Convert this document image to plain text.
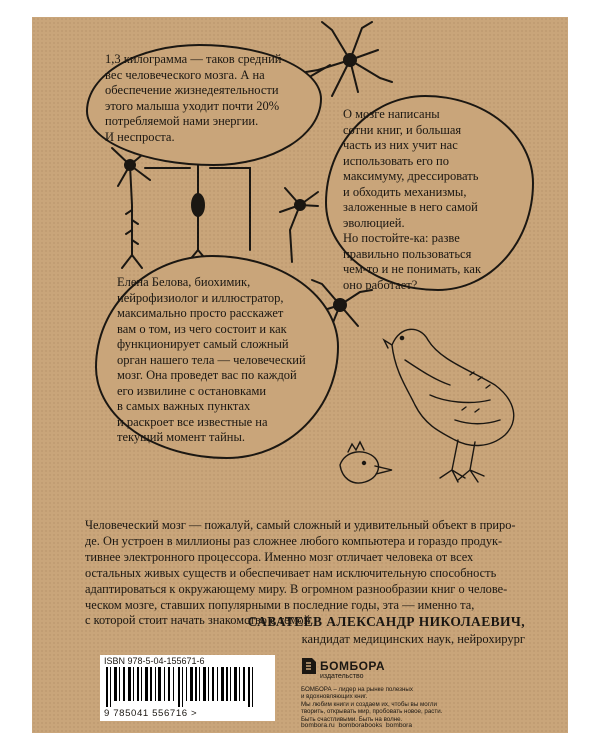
1,3 килограмма — таков средний
вес человеческого мозга. А на
обеспечение жизнедеятельности
этого малыша уходит почти 20%
потребляемой нами энергии.
И неспроста.
О мозге написаны
сотни книг, и большая
часть из них учит нас
использовать его по
максимуму, дрессировать
и обходить механизмы,
заложенные в него самой
эволюцией.
Но постойте-ка: разве
правильно пользоваться
чем-то и не понимать, как
оно работает?
Елена Белова, биохимик,
нейрофизиолог и иллюстратор,
максимально просто расскажет
вам о том, из чего состоит и как
функционирует самый сложный
орган нашего тела — человеческий
мозг. Она проведет вас по каждой
его извилине с остановками
в самых важных пунктах
и раскроет все известные на
текущий момент тайны.
Человеческий мозг — пожалуй, самый сложный и удивительный объект в приро-
де. Он устроен в миллионы раз сложнее любого компьютера и гораздо продук-
тивнее электронного процессора. Именно мозг отличает человека от всех
остальных живых существ и обеспечивает нам исключительную способность
адаптироваться к окружающему миру. В огромном разнообразии книг о челове-
ческом мозге, ставших популярными в последние годы, эта — именно та,
с которой стоит начать знакомство с темой.
САВАТЕЕВ АЛЕКСАНДР НИКОЛАЕВИЧ,
кандидат медицинских наук, нейрохирург
ISBN 978-5-04-155671-6
9 785041 556716 >
БОМБОРА
издательство
БОМБОРА – лидер на рынке полезных
и вдохновляющих книг.
Мы любим книги и создаем их, чтобы вы могли
творить, открывать мир, пробовать новое, расти.
Быть счастливыми. Быть на волне.
bombora.ru bomborabooks bombora
